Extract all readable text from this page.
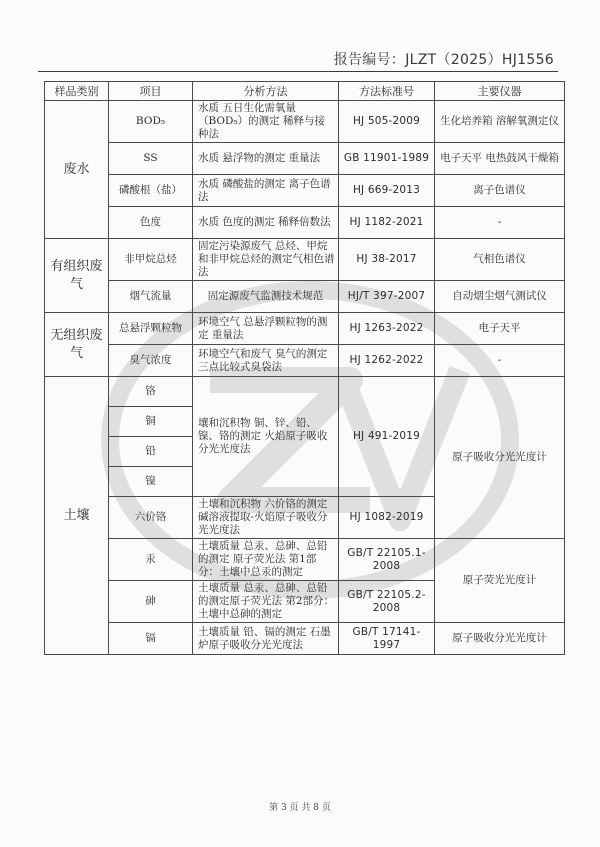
报告编号：JLZT（2025）HJ1556
样品类别	项目	分析方法	方法标准号	主要仪器
废水	BOD₅	水质 五日生化需氧量（BOD₅）的测定 稀释与接种法	HJ 505-2009	生化培养箱 溶解氧测定仪
	SS	水质 悬浮物的测定 重量法	GB 11901-1989	电子天平 电热鼓风干燥箱
	磷酸根（盐）	水质 磷酸盐的测定 离子色谱法	HJ 669-2013	离子色谱仪
	色度	水质 色度的测定 稀释倍数法	HJ 1182-2021	-
有组织废气	非甲烷总烃	固定污染源废气 总烃、甲烷和非甲烷总烃的测定气相色谱法	HJ 38-2017	气相色谱仪
	烟气流量	固定源废气监测技术规范	HJ/T 397-2007	自动烟尘烟气测试仪
无组织废气	总悬浮颗粒物	环境空气 总悬浮颗粒物的测定 重量法	HJ 1263-2022	电子天平
	臭气浓度	环境空气和废气 臭气的测定 三点比较式臭袋法	HJ 1262-2022	-
土壤	铬	壤和沉积物 铜、锌、铅、镍、铬的测定 火焰原子吸收分光光度法	HJ 491-2019	原子吸收分光光度计
	铜			
	铅			
	镍			
	六价铬	土壤和沉积物 六价铬的测定 碱溶液提取-火焰原子吸收分光光度法	HJ 1082-2019	
	汞	土壤质量 总汞、总砷、总铅的测定 原子荧光法 第1部分：土壤中总汞的测定	GB/T 22105.1-2008	原子荧光光度计
	砷	土壤质量 总汞、总砷、总铅的测定原子荧光法 第2部分：土壤中总砷的测定	GB/T 22105.2-2008	
	镉	土壤质量 铅、镉的测定 石墨炉原子吸收分光光度法	GB/T 17141-1997	原子吸收分光光度计
第 3 页 共 8 页
